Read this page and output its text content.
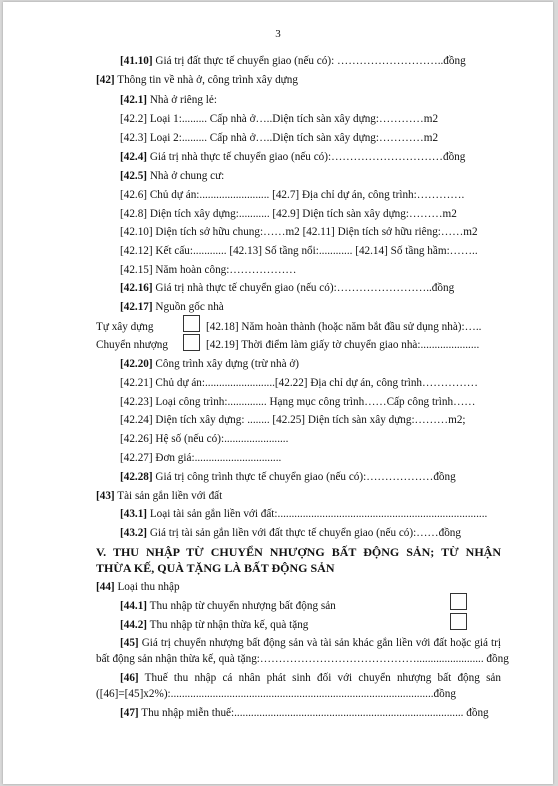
3
[41.10] Giá trị đất thực tế chuyển giao (nếu có): ………………………..đồng
[42] Thông tin về nhà ở, công trình xây dựng
[42.1] Nhà ở riêng lẻ:
[42.2] Loại 1:......... Cấp nhà ở…..Diện tích sàn xây dựng:…………m2
[42.3] Loại 2:......... Cấp nhà ở…..Diện tích sàn xây dựng:…………m2
[42.4] Giá trị nhà thực tế chuyển giao (nếu có):…………………………đồng
[42.5] Nhà ở chung cư:
[42.6] Chủ dự án:......................... [42.7] Địa chỉ dự án, công trình:………….
[42.8] Diện tích xây dựng:........... [42.9] Diện tích sàn xây dựng:………m2
[42.10] Diện tích sở hữu chung:……m2 [42.11] Diện tích sở hữu riêng:……m2
[42.12] Kết cấu:............ [42.13] Số tầng nổi:............ [42.14] Số tầng hầm:……..
[42.15] Năm hoàn công:………………
[42.16] Giá trị nhà thực tế chuyển giao (nếu có):……………………..đồng
[42.17] Nguồn gốc nhà
Tự xây dựng	[42.18] Năm hoàn thành (hoặc năm bắt đầu sử dụng nhà):…..
Chuyển nhượng	[42.19] Thời điểm làm giấy tờ chuyển giao nhà:.....................
[42.20] Công trình xây dựng (trừ nhà ở)
[42.21] Chủ dự án:.........................[42.22] Địa chỉ dự án, công trình……………
[42.23] Loại công trình:.............. Hạng mục công trình……Cấp công trình……
[42.24] Diện tích xây dựng: ........ [42.25] Diện tích sàn xây dựng:………m2;
[42.26] Hệ số (nếu có):.......................
[42.27] Đơn giá:...............................
[42.28] Giá trị công trình thực tế chuyển giao (nếu có):………………đồng
[43] Tài sản gắn liền với đất
[43.1] Loại tài sản gắn liền với đất:...........................................................................
[43.2] Giá trị tài sản gắn liền với đất thực tế chuyển giao (nếu có):……đồng
V. THU NHẬP TỪ CHUYỂN NHƯỢNG BẤT ĐỘNG SẢN; TỪ NHẬN
THỪA KẾ, QUÀ TẶNG LÀ BẤT ĐỘNG SẢN
[44] Loại thu nhập
[44.1] Thu nhập từ chuyển nhượng bất động sản
[44.2] Thu nhập từ nhận thừa kế, quà tặng
[45] Giá trị chuyển nhượng bất động sản và tài sản khác gắn liền với đất hoặc giá trị
bất động sản nhận thừa kế, quà tặng:……………………………………........................ đồng
[46] Thuế thu nhập cá nhân phát sinh đối với chuyển nhượng bất động sản
([46]=[45]x2%):..............................................................................................đồng
[47] Thu nhập miễn thuế:.................................................................................. đồng
